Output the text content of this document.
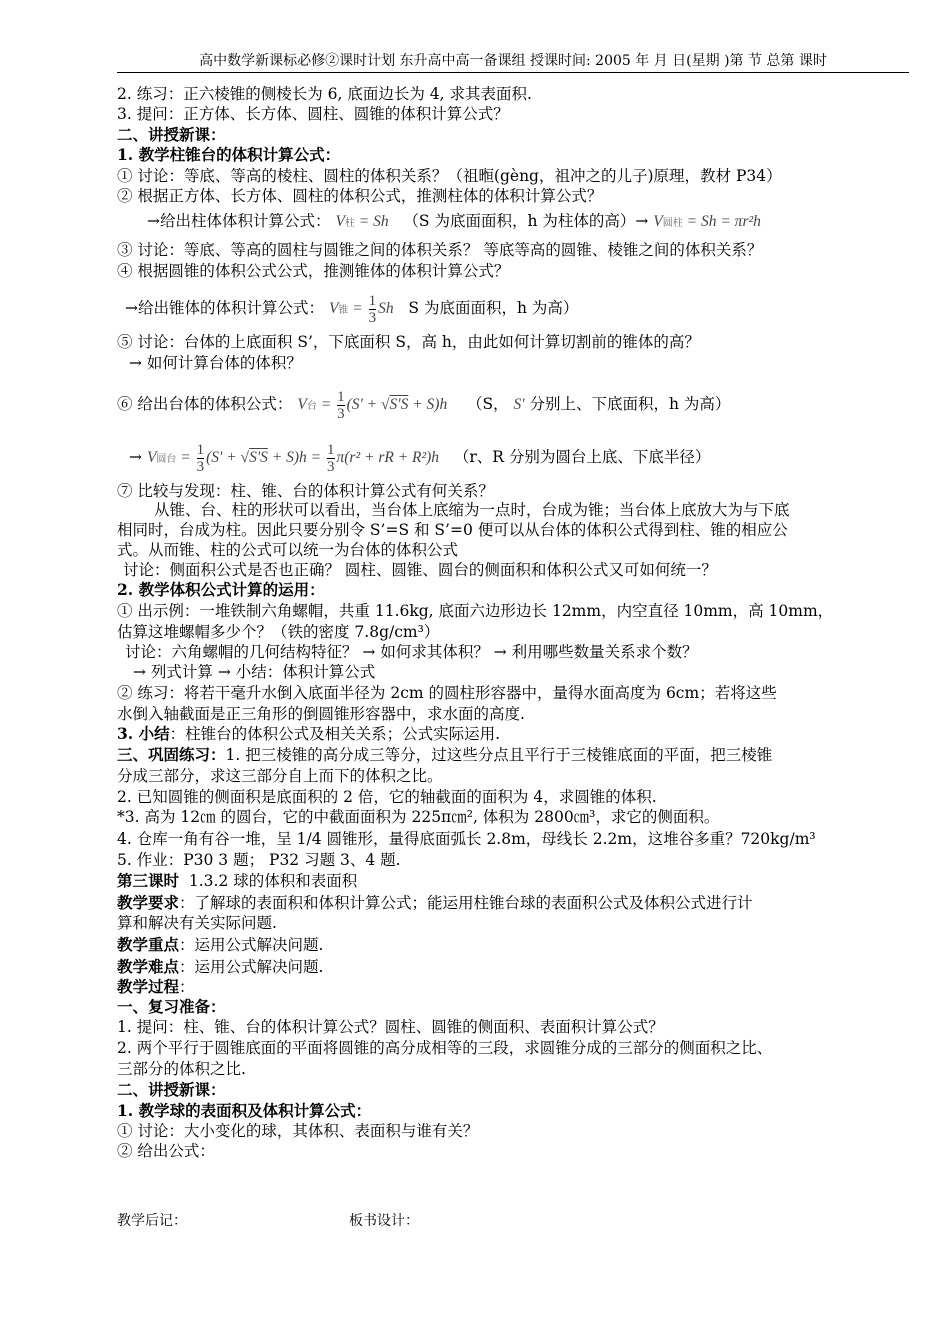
高中数学新课标必修②课时计划 东升高中高一备课组 授课时间: 2005 年 月 日(星期 )第 节 总第 课时
2. 练习：正六棱锥的侧棱长为 6, 底面边长为 4, 求其表面积.
3. 提问：正方体、长方体、圆柱、圆锥的体积计算公式？
二、讲授新课：
1. 教学柱锥台的体积计算公式：
① 讨论：等底、等高的棱柱、圆柱的体积关系？（祖暅(gèng，祖冲之的儿子)原理，教材 P34）
② 根据正方体、长方体、圆柱的体积公式，推测柱体的体积计算公式？
→给出柱体体积计算公式： V柱 = Sh （S 为底面面积，h 为柱体的高）→ V圆柱 = Sh = πr²h
③ 讨论：等底、等高的圆柱与圆锥之间的体积关系？ 等底等高的圆锥、棱锥之间的体积关系？
④ 根据圆锥的体积公式公式，推测锥体的体积计算公式？
→给出锥体的体积计算公式： V锥 = $\frac{1}{3}$ Sh S 为底面面积，h 为高）
⑤ 讨论：台体的上底面积 S’，下底面积 S，高 h，由此如何计算切割前的锥体的高？
→ 如何计算台体的体积？
⑥ 给出台体的体积公式： V台 = $\frac{1}{3} (S' + √S'S + S)h$ （S， S' 分别上、下底面积，h 为高）
→ V圆台 = $\frac{1}{3} (S' + √S'S + S)h = \frac{1}{3} \pi(r^2$ + rR + R²)h （r、R 分别为圆台上底、下底半径）
⑦ 比较与发现：柱、锥、台的体积计算公式有何关系？
从锥、台、柱的形状可以看出，当台体上底缩为一点时，台成为锥；当台体上底放大为与下底
相同时，台成为柱。因此只要分别令 S’=S 和 S’=0 便可以从台体的体积公式得到柱、锥的相应公
式。从而锥、柱的公式可以统一为台体的体积公式
讨论：侧面积公式是否也正确？ 圆柱、圆锥、圆台的侧面积和体积公式又可如何统一？
2. 教学体积公式计算的运用：
① 出示例：一堆铁制六角螺帽，共重 11.6kg, 底面六边形边长 12mm，内空直径 10mm，高 10mm，
估算这堆螺帽多少个？（铁的密度 7.8g/cm³）
讨论：六角螺帽的几何结构特征？ → 如何求其体积？ → 利用哪些数量关系求个数？
→ 列式计算 → 小结：体积计算公式
② 练习：将若干毫升水倒入底面半径为 2cm 的圆柱形容器中，量得水面高度为 6cm；若将这些
水倒入轴截面是正三角形的倒圆锥形容器中，求水面的高度.
3. 小结：柱锥台的体积公式及相关关系；公式实际运用.
三、巩固练习：1. 把三棱锥的高分成三等分，过这些分点且平行于三棱锥底面的平面，把三棱锥
分成三部分，求这三部分自上而下的体积之比。
2. 已知圆锥的侧面积是底面积的 2 倍，它的轴截面的面积为 4，求圆锥的体积.
*3. 高为 12㎝ 的圆台，它的中截面面积为 225π㎝², 体积为 2800㎝³，求它的侧面积。
4. 仓库一角有谷一堆，呈 1/4 圆锥形，量得底面弧长 2.8m，母线长 2.2m，这堆谷多重？720kg/m³
5. 作业：P30 3 题； P32 习题 3、4 题.
第三课时 1.3.2 球的体积和表面积
教学要求：了解球的表面积和体积计算公式；能运用柱锥台球的表面积公式及体积公式进行计
算和解决有关实际问题.
教学重点：运用公式解决问题.
教学难点：运用公式解决问题.
教学过程：
一、复习准备：
1. 提问：柱、锥、台的体积计算公式？圆柱、圆锥的侧面积、表面积计算公式？
2. 两个平行于圆锥底面的平面将圆锥的高分成相等的三段，求圆锥分成的三部分的侧面积之比、
三部分的体积之比.
二、讲授新课：
1. 教学球的表面积及体积计算公式：
① 讨论：大小变化的球，其体积、表面积与谁有关？
② 给出公式：
教学后记：	板书设计：
